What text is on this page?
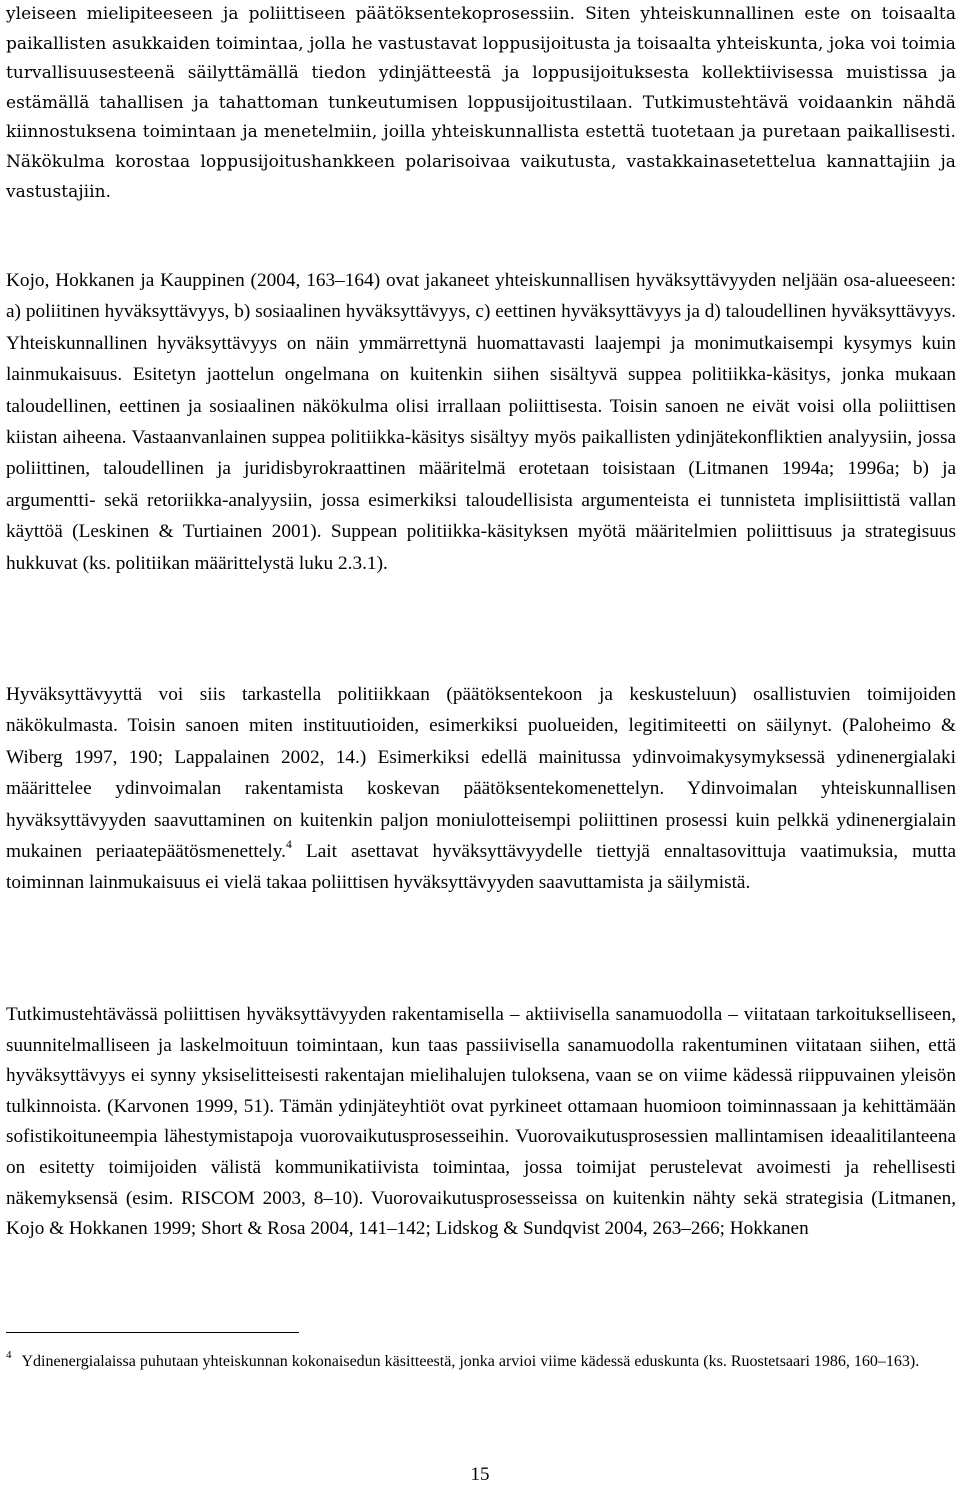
yleiseen mielipiteeseen ja poliittiseen päätöksentekoprosessiin. Siten yhteiskunnallinen este on toisaalta paikallisten asukkaiden toimintaa, jolla he vastustavat loppusijoitusta ja toisaalta yhteiskunta, joka voi toimia turvallisuusesteenä säilyttämällä tiedon ydinjätteestä ja loppusijoituksesta kollektiivisessa muistissa ja estämällä tahallisen ja tahattoman tunkeutumisen loppusijoitustilaan. Tutkimustehtävä voidaankin nähdä kiinnostuksena toimintaan ja menetelmiin, joilla yhteiskunnallista estettä tuotetaan ja puretaan paikallisesti. Näkökulma korostaa loppusijoitushankkeen polarisoivaa vaikutusta, vastakkainasetettelua kannattajiin ja vastustajiin.

Kojo, Hokkanen ja Kauppinen (2004, 163–164) ovat jakaneet yhteiskunnallisen hyväksyttävyyden neljään osa-alueeseen: a) poliitinen hyväksyttävyys, b) sosiaalinen hyväksyttävyys, c) eettinen hyväksyttävyys ja d) taloudellinen hyväksyttävyys. Yhteiskunnallinen hyväksyttävyys on näin ymmärrettynä huomattavasti laajempi ja monimutkaisempi kysymys kuin lainmukaisuus. Esitetyn jaottelun ongelmana on kuitenkin siihen sisältyvä suppea politiikka-käsitys, jonka mukaan taloudellinen, eettinen ja sosiaalinen näkökulma olisi irrallaan poliittisesta. Toisin sanoen ne eivät voisi olla poliittisen kiistan aiheena. Vastaanvanlainen suppea politiikka-käsitys sisältyy myös paikallisten ydinjätekonfliktien analyysiin, jossa poliittinen, taloudellinen ja juridisbyrokraattinen määritelmä erotetaan toisistaan (Litmanen 1994a; 1996a; b) ja argumentti- sekä retoriikka-analyysiin, jossa esimerkiksi taloudellisista argumenteista ei tunnisteta implisiittistä vallan käyttöä (Leskinen & Turtiainen 2001). Suppean politiikka-käsityksen myötä määritelmien poliittisuus ja strategisuus hukkuvat (ks. politiikan määrittelystä luku 2.3.1).

Hyväksyttävyyttä voi siis tarkastella politiikkaan (päätöksentekoon ja keskusteluun) osallistuvien toimijoiden näkökulmasta. Toisin sanoen miten instituutioiden, esimerkiksi puolueiden, legitimiteetti on säilynyt. (Paloheimo & Wiberg 1997, 190; Lappalainen 2002, 14.) Esimerkiksi edellä mainitussa ydinvoimakysymyksessä ydinenergialaki määrittelee ydinvoimalan rakentamista koskevan päätöksentekomenettelyn. Ydinvoimalan yhteiskunnallisen hyväksyttävyyden saavuttaminen on kuitenkin paljon moniulotteisempi poliittinen prosessi kuin pelkkä ydinenergialain mukainen periaatepäätösmenettely.$^4$ Lait asettavat hyväksyttävyydelle tiettyjä ennaltasovittuja vaatimuksia, mutta toiminnan lainmukaisuus ei vielä takaa poliittisen hyväksyttävyyden saavuttamista ja säilymistä.

Tutkimustehtävässä poliittisen hyväksyttävyyden rakentamisella – aktiivisella sanamuodolla – viitataan tarkoitukselliseen, suunnitelmalliseen ja laskelmoituun toimintaan, kun taas passiivisella sanamuodolla rakentuminen viitataan siihen, että hyväksyttävyys ei synny yksiselitteisesti rakentajan mielihalujen tuloksena, vaan se on viime kädessä riippuvainen yleisön tulkinnoista. (Karvonen 1999, 51). Tämän ydinjäteyhtiöt ovat pyrkineet ottamaan huomioon toiminnassaan ja kehittämään sofistikoituneempia lähestymistapoja vuorovaikutusprosesseihin. Vuorovaikutusprosessien mallintamisen ideaalitilanteena on esitetty toimijoiden välistä kommunikatiivista toimintaa, jossa toimijat perustelevat avoimesti ja rehellisesti näkemyksensä (esim. RISCOM 2003, 8–10). Vuorovaikutusprosesseissa on kuitenkin nähty sekä strategisia (Litmanen, Kojo & Hokkanen 1999; Short & Rosa 2004, 141–142; Lidskog & Sundqvist 2004, 263–266; Hokkanen

$^4$ Ydinenergialaissa puhutaan yhteiskunnan kokonaisedun käsitteestä, jonka arvioi viime kädessä eduskunta (ks. Ruostetsaari 1986, 160–163).

15
